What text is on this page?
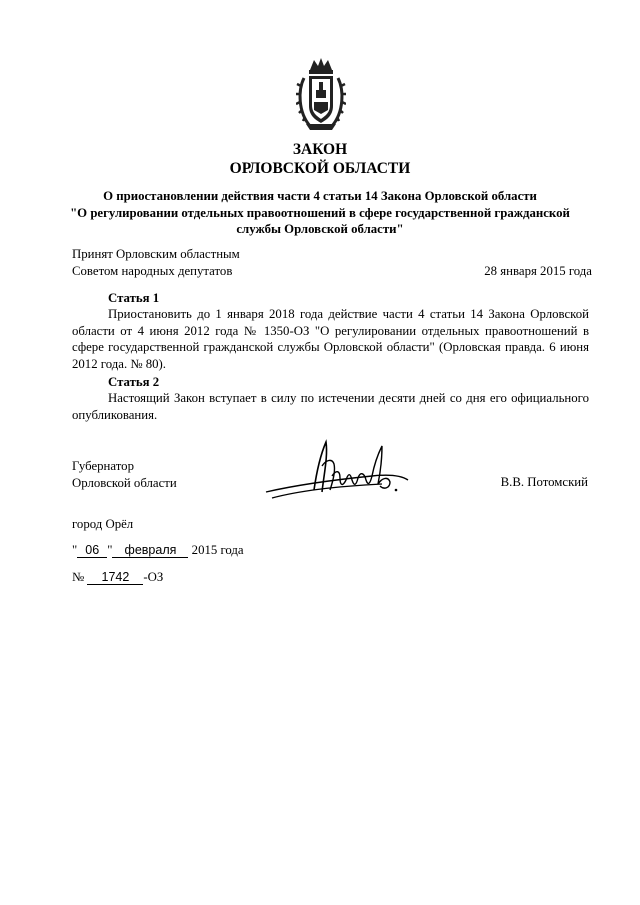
ЗАКОН
ОРЛОВСКОЙ ОБЛАСТИ
О приостановлении действия части 4 статьи 14 Закона Орловской области
"О регулировании отдельных правоотношений в сфере государственной гражданской
службы Орловской области"
Принят Орловским областным
Советом народных депутатов	28 января 2015 года
Статья 1
Приостановить до 1 января 2018 года действие части 4 статьи 14 Закона Орловской области от 4 июня 2012 года № 1350-ОЗ "О регулировании отдельных правоотношений в сфере государственной гражданской службы Орловской области" (Орловская правда. 6 июня 2012 года. № 80).
Статья 2
Настоящий Закон вступает в силу по истечении десяти дней со дня его официального опубликования.
Губернатор
Орловской области	В.В. Потомский
город Орёл
" 06 " февраля 2015 года
№ 1742 -ОЗ
